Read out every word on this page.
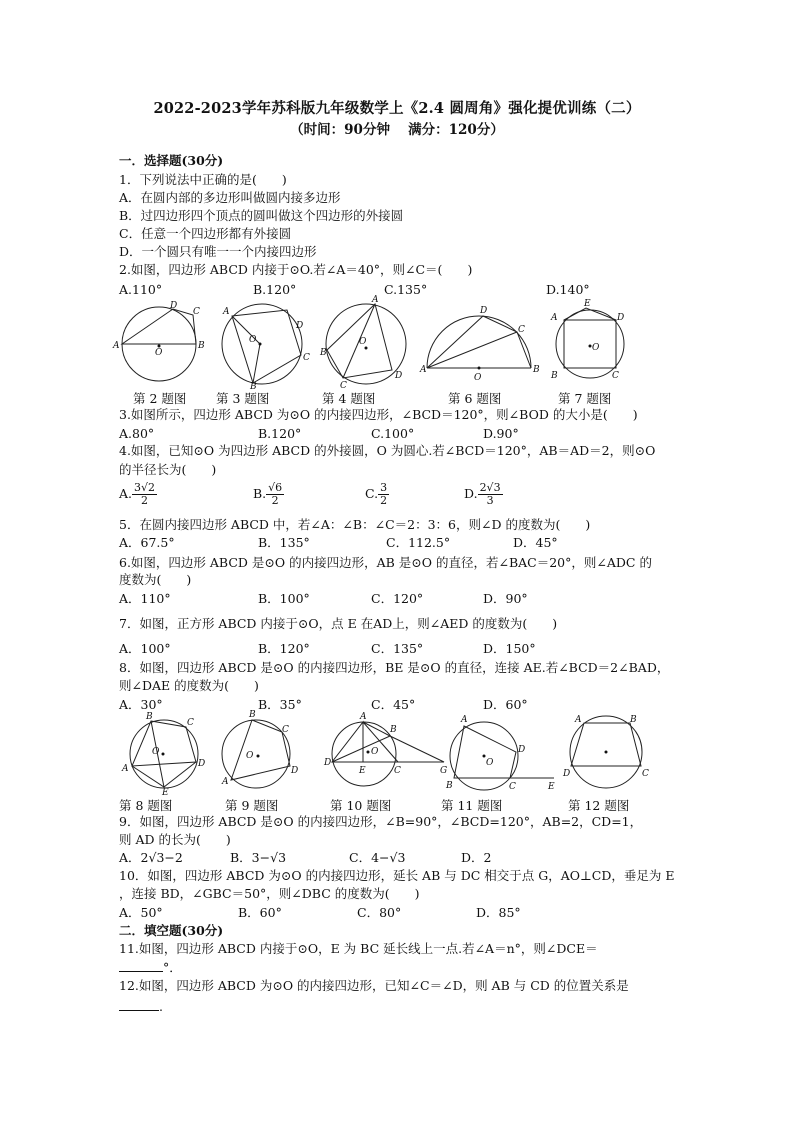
2022-2023学年苏科版九年级数学上《2.4 圆周角》强化提优训练（二）
（时间：90分钟　 满分：120分）
一．选择题(30分)
1．下列说法中正确的是(　　)
A．在圆内部的多边形叫做圆内接多边形
B．过四边形四个顶点的圆叫做这个四边形的外接圆
C．任意一个四边形都有外接圆
D．一个圆只有唯一一个内接四边形
2.如图，四边形 ABCD 内接于⊙O.若∠A＝40°，则∠C＝(　　)
A.110°	B.120°	C.135°	D.140°
A
D
C
B
O
A
D
C
B
O
A
B
C
D
O
A
D
C
B
O
A
E
D
C
B
O
第 2 题图 第 3 题图	第 4 题图	第 6 题图	第 7 题图
3.如图所示，四边形 ABCD 为⊙O 的内接四边形，∠BCD＝120°，则∠BOD 的大小是(　　)
A.80°	B.120°	C.100°	D.90°
4.如图，已知⊙O 为四边形 ABCD 的外接圆，O 为圆心.若∠BCD＝120°，AB＝AD＝2，则⊙O
的半径长为(　　)
A. $\frac{3√2}{2}$	B. $\frac{√6}{2}$	C. $\frac{3}{2}$	D. $\frac{2√3}{3}$
5．在圆内接四边形 ABCD 中，若∠A：∠B：∠C＝2：3：6，则∠D 的度数为(　　)
A．67.5°	B．135°	C．112.5°	D．45°
6.如图，四边形 ABCD 是⊙O 的内接四边形，AB 是⊙O 的直径，若∠BAC＝20°，则∠ADC 的
度数为(　　)
A．110°	B．100°	C．120°	D．90°
7．如图，正方形 ABCD 内接于⊙O，点 E 在AD上，则∠AED 的度数为(　　)
A．100°	B．120°	C．135°	D．150°
8．如图，四边形 ABCD 是⊙O 的内接四边形，BE 是⊙O 的直径，连接 AE.若∠BCD＝2∠BAD，
则∠DAE 的度数为(　　)
A．30°	B．35°	C．45°	D．60°
B
C
D
A
E
O
B
C
D
A
O
A
B
D
E	C	G
O
A
D
B	C	E
O
A	B
C
D
第 8 题图	第 9 题图	第 10 题图	第 11 题图	第 12 题图
9．如图，四边形 ABCD 是⊙O 的内接四边形，∠B=90°，∠BCD=120°，AB=2，CD=1，
则 AD 的长为(　　)
A．2√3−2	B．3−√3	C．4−√3	D．2
10．如图，四边形 ABCD 为⊙O 的内接四边形，延长 AB 与 DC 相交于点 G，AO⊥CD，垂足为 E
，连接 BD，∠GBC＝50°，则∠DBC 的度数为(　　)
A．50°	B．60°	C．80°	D．85°
二．填空题(30分)
11.如图，四边形 ABCD 内接于⊙O，E 为 BC 延长线上一点.若∠A＝n°，则∠DCE＝
°．
12.如图，四边形 ABCD 为⊙O 的内接四边形，已知∠C＝∠D，则 AB 与 CD 的位置关系是
.
